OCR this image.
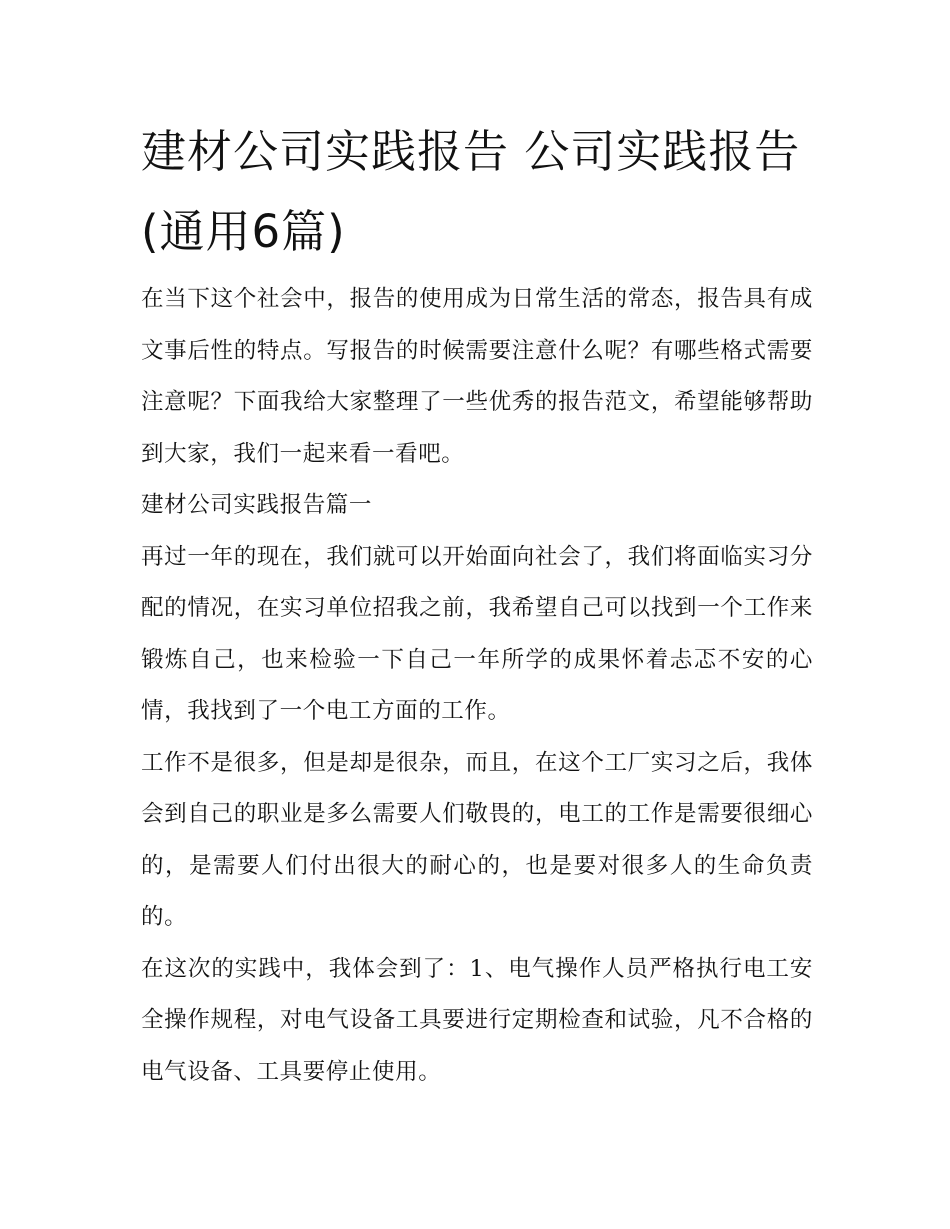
建材公司实践报告 公司实践报告(通用6篇)

在当下这个社会中，报告的使用成为日常生活的常态，报告具有成文事后性的特点。写报告的时候需要注意什么呢？有哪些格式需要注意呢？下面我给大家整理了一些优秀的报告范文，希望能够帮助到大家，我们一起来看一看吧。

建材公司实践报告篇一

再过一年的现在，我们就可以开始面向社会了，我们将面临实习分配的情况，在实习单位招我之前，我希望自己可以找到一个工作来锻炼自己，也来检验一下自己一年所学的成果怀着忐忑不安的心情，我找到了一个电工方面的工作。

工作不是很多，但是却是很杂，而且，在这个工厂实习之后，我体会到自己的职业是多么需要人们敬畏的，电工的工作是需要很细心的，是需要人们付出很大的耐心的，也是要对很多人的生命负责的。

在这次的实践中，我体会到了：1、电气操作人员严格执行电工安全操作规程，对电气设备工具要进行定期检查和试验，凡不合格的电气设备、工具要停止使用。
